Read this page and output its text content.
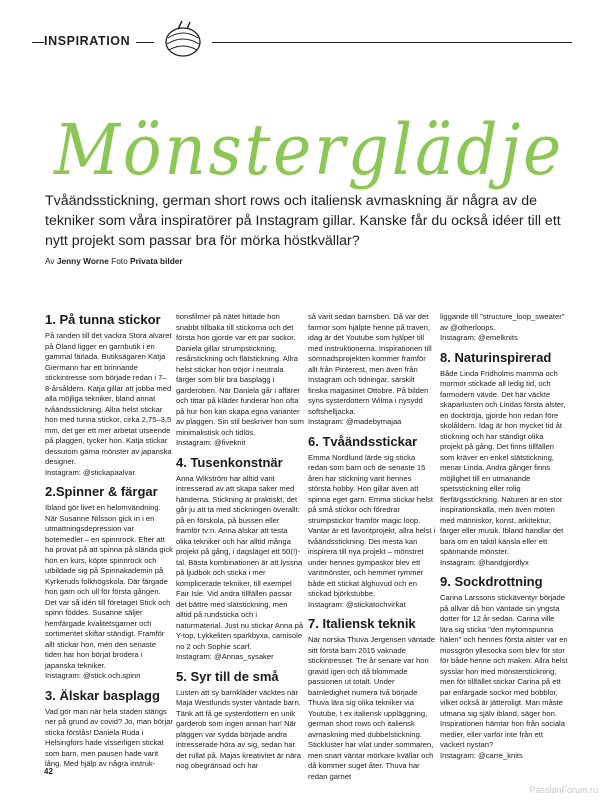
INSPIRATION
Mönsterglädje

Tvåändsstickning, german short rows och italiensk avmaskning är några av de tekniker som våra inspiratörer på Instagram gillar. Kanske får du också idéer till ett nytt projekt som passar bra för mörka höstkvällar?

Av Jenny Worne Foto Privata bilder
1. På tunna stickor

På randen till det vackra Stora alvaret på Öland ligger en garnbutik i en gammal färlada. Butiksägaren Katja Giermann har ett brinnande stickintresse som började redan i 7–8-årsåldern. Katja gillar att jobba med alla möjliga tekniker, bland annat tvåändsstickning. Allra helst stickar hon med tunna stickor, cirka 2,75–3,5 mm, det ger ett mer arbetat utseende på plaggen, tycker hon. Katja stickar dessutom gärna mönster av japanska designer.

Instagram: @stickapaalvar

2.Spinner & färgar

Ibland gör livet en helomvändning. När Susanne Nilsson gick in i en utmattningsdepression var botemedlet – en spinnrock. Efter att ha provat på att spinna på slända gick hon en kurs, köpte spinnrock och utbildade sig på Spinnakademin på Kyrkeruds folkhögskola. Där färgade hon garn och ull för första gången. Det var så idén till företaget Stick och spinn föddes. Susanne säljer hemfärgade kvalitetsgarner och sortimentet skiftar ständigt. Framför allt stickar hon, men den senaste tiden har hon börjat brodera i japanska tekniker.

Instagram: @stick.och.spinn

3. Älskar basplagg

Vad gör man när hela staden stängs ner på grund av covid? Jo, man börjar sticka förstås! Daniela Ruda i Helsingfors hade visserligen stickat som barn, men pausen hade varit lång. Med hjälp av några instruk-

tionsfilmer på nätet hittade hon snabbt tillbaka till stickorna och det första hon gjorde var ett par sockor. Daniela gillar strumpstickning, resårstickning och flätstickning. Allra helst stickar hon tröjor i neutrala färger som blir bra basplagg i garderoben. När Daniela går i affärer och tittar på kläder funderar hon ofta på hur hon kan skapa egna varianter av plaggen. Sin stil beskriver hon som minimalistisk och tidlös.

Instagram: @fiveknit

4. Tusenkonstnär

Anna Wikström har alltid varit intresserad av att skapa saker med händerna. Stickning är praktiskt, det går ju att ta med stickningen överallt: på en förskola, på bussen eller framför tv:n. Anna älskar att testa olika tekniker och har alltid många projekt på gång, i dagsläget ett 50(!)-tal. Bästa kombinationen är att lyssna på ljudbok och sticka i mer komplicerade tekniker, till exempel Fair Isle. Vid andra tillfällen passar det bättre med slätstickning, men alltid på rundsticka och i naturmaterial. Just nu stickar Anna på Y-top, Lykkeliten sparkbyxa, camisole no 2 och Sophie scarf.

Instagram: @Annas_sysaker

5. Syr till de små

Lusten att sy barnkläder väcktes när Maja Westlunds syster väntade barn. Tänk att få ge systerdottern en unik garderob som ingen annan har! När pläggen var sydda började andra intresserade höra av sig, sedan har det rullat på. Majas kreativitet är nära nog obegränsad och har

så varit sedan barnsben. Då var det farmor som hjälpte henne på traven, idag är det Youtube som hjälper till med instruktionerna. Inspirationen till sömnadsprojekten kommer framför allt från Pinterest, men även från Instagram och tidningar, särskilt finska magasinet Ottobre. På bilden syns systerdottern Wilma i nysydd softshelljacka.

Instagram: @madebymajaa

6. Tvåändsstickar

Emma Nordlund lärde sig sticka redan som barn och de senaste 15 åren har stickning varit hennes största hobby. Hon gillar även att spinna eget garn. Emma stickar helst på små stickor och föredrar strumpstickor framför magic loop. Vantar är ett favoritprojekt, allra helst i tvåändsstickning. Det mesta kan inspirera till nya projekt – mönstret under hennes gympaskor blev ett vantmönster, och hemmet rymmer både ett stickat älghuvud och en stickad björkstubbe.

Instagram: @stickatochvirkat

7. Italiensk teknik

När norska Thuva Jergensen väntade sitt första barn 2015 vaknade stickintresset. Tre år senare var hon gravid igen och då blommade passionen ut totalt. Under barnledighet numera två började Thuva lära sig olika tekniker via Youtube, t ex italiensk uppläggning, german short rows och italiensk avmaskning med dubbelstickning. Stickluster har vilat under sommaren, men snart väntar mörkare kvällar och då kommer suget åter. Thuva har redan garnet

liggande till "structure_loop_sweater" av @otherloops.

Instagram: @emelknits

8. Naturinspirerad

Både Linda Fridholms mamma och mormor stickade all ledig tid, och farmodern vävde. Det här väckte skaparlusten och Lindas första alster, en docktröja, gjorde hon redan före skolåldern. Idag är hon mycket tid åt stickning och har ständigt olika projekt på gång. Det finns tillfällen som kräver en enkel slätstickning, menar Linda. Andra gånger finns möjlighet till en utmanande spetsstickning eller rolig flerfärgsstickning. Naturen är en stor inspirationskälla, men även möten med människor, konst, arkitektur, färger eller musik. Ibland handlar det bara om en taktil känsla eller ett spännande mönster.

Instagram: @handgjordlyx

9. Sockdrottning

Carina Larssons stickäventyr började på allvar då hon väntade sin yngsta dotter för 12 år sedan. Carina ville lära sig sticka "den mytomspunna hälen" och hennes första alster var en mossgrön yllesocka som blev för stor för både henne och maken. Allra helst sysslar hon med mönsterstickning, men för tillfället stickar Carina på ett par enfärgade sockor med bobblor, vilket också är jätteroligt. Man måste utmana sig själv ibland, säger hon. Inspirationen hämtar hon från sociala medier, eller varför inte från ett vackert nystan?

Instagram: @carre_knits

42
PassionForum.ru
